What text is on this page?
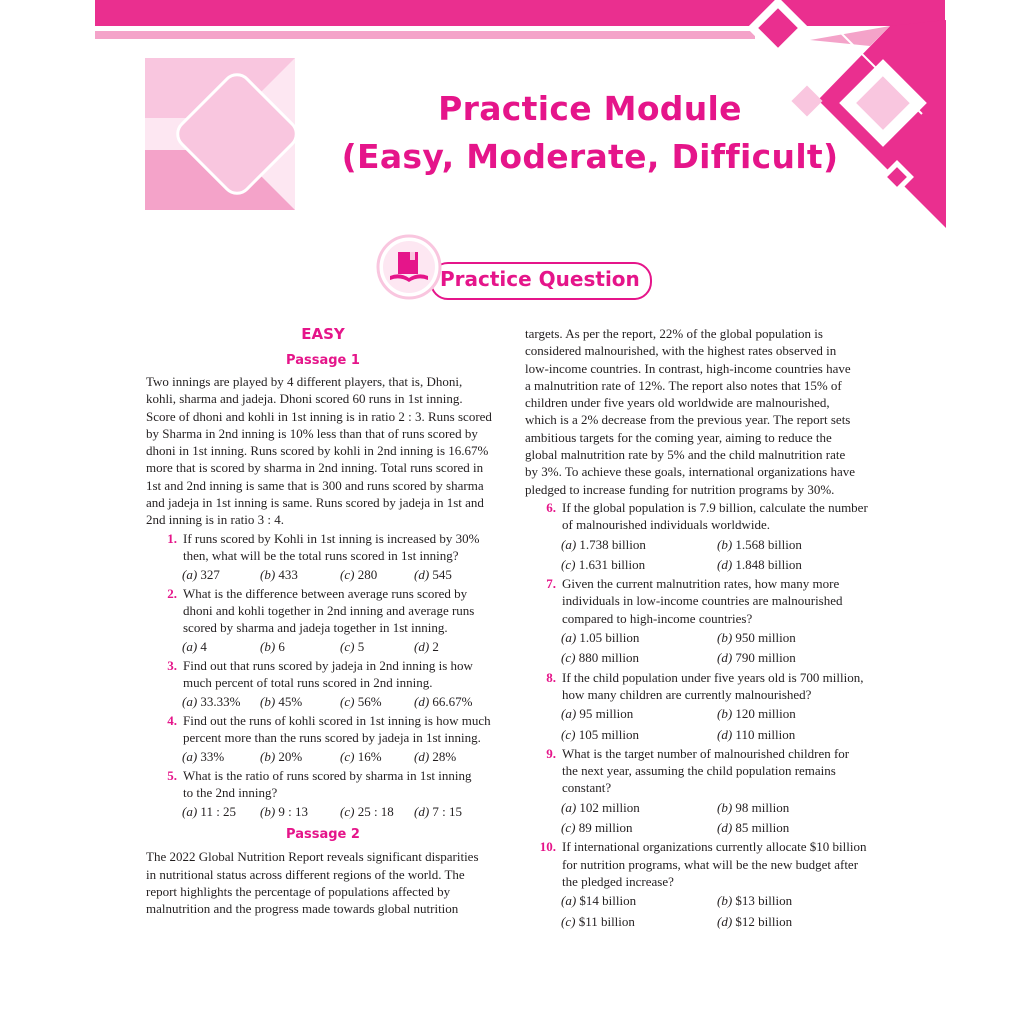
Practice Module
(Easy, Moderate, Difficult)
Practice Question
EASY
Passage 1
Two innings are played by 4 different players, that is, Dhoni,
kohli, sharma and jadeja. Dhoni scored 60 runs in 1st inning.
Score of dhoni and kohli in 1st inning is in ratio 2 : 3. Runs scored
by Sharma in 2nd inning is 10% less than that of runs scored by
dhoni in 1st inning. Runs scored by kohli in 2nd inning is 16.67%
more that is scored by sharma in 2nd inning. Total runs scored in
1st and 2nd inning is same that is 300 and runs scored by sharma
and jadeja in 1st inning is same. Runs scored by jadeja in 1st and
2nd inning is in ratio 3 : 4.
1. If runs scored by Kohli in 1st inning is increased by 30%
then, what will be the total runs scored in 1st inning?
(a) 327	(b) 433	(c) 280	(d) 545
2. What is the difference between average runs scored by
dhoni and kohli together in 2nd inning and average runs
scored by sharma and jadeja together in 1st inning.
(a) 4	(b) 6	(c) 5	(d) 2
3. Find out that runs scored by jadeja in 2nd inning is how
much percent of total runs scored in 2nd inning.
(a) 33.33%	(b) 45%	(c) 56%	(d) 66.67%
4. Find out the runs of kohli scored in 1st inning is how much
percent more than the runs scored by jadeja in 1st inning.
(a) 33%	(b) 20%	(c) 16%	(d) 28%
5. What is the ratio of runs scored by sharma in 1st inning
to the 2nd inning?
(a) 11 : 25	(b) 9 : 13	(c) 25 : 18	(d) 7 : 15
Passage 2
The 2022 Global Nutrition Report reveals significant disparities
in nutritional status across different regions of the world. The
report highlights the percentage of populations affected by
malnutrition and the progress made towards global nutrition
targets. As per the report, 22% of the global population is
considered malnourished, with the highest rates observed in
low-income countries. In contrast, high-income countries have
a malnutrition rate of 12%. The report also notes that 15% of
children under five years old worldwide are malnourished,
which is a 2% decrease from the previous year. The report sets
ambitious targets for the coming year, aiming to reduce the
global malnutrition rate by 5% and the child malnutrition rate
by 3%. To achieve these goals, international organizations have
pledged to increase funding for nutrition programs by 30%.
6. If the global population is 7.9 billion, calculate the number
of malnourished individuals worldwide.
(a) 1.738 billion	(b) 1.568 billion
(c) 1.631 billion	(d) 1.848 billion
7. Given the current malnutrition rates, how many more
individuals in low-income countries are malnourished
compared to high-income countries?
(a) 1.05 billion	(b) 950 million
(c) 880 million	(d) 790 million
8. If the child population under five years old is 700 million,
how many children are currently malnourished?
(a) 95 million	(b) 120 million
(c) 105 million	(d) 110 million
9. What is the target number of malnourished children for
the next year, assuming the child population remains
constant?
(a) 102 million	(b) 98 million
(c) 89 million	(d) 85 million
10. If international organizations currently allocate $10 billion
for nutrition programs, what will be the new budget after
the pledged increase?
(a) $14 billion	(b) $13 billion
(c) $11 billion	(d) $12 billion
